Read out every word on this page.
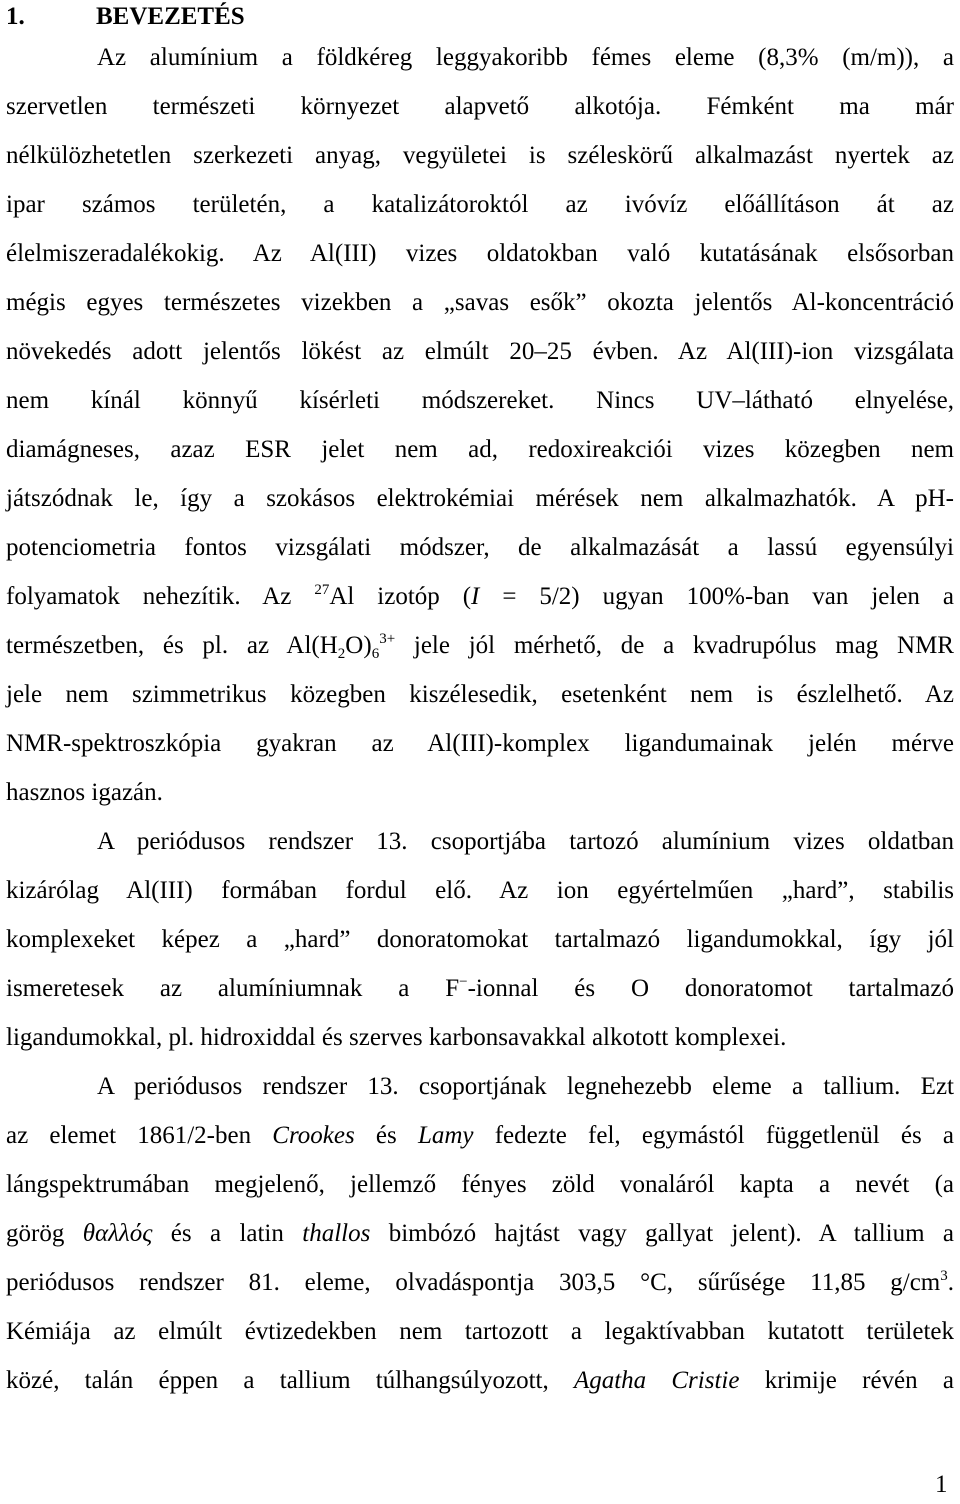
1.	BEVEZETÉS
Az alumínium a földkéreg leggyakoribb fémes eleme (8,3% (m/m)), a
szervetlen természeti környezet alapvető alkotója. Fémként ma már
nélkülözhetetlen szerkezeti anyag, vegyületei is széleskörű alkalmazást nyertek az
ipar számos területén, a katalizátoroktól az ivóvíz előállításon át az
élelmiszeradalékokig. Az Al(III) vizes oldatokban való kutatásának elsősorban
mégis egyes természetes vizekben a „savas esők” okozta jelentős Al-koncentráció
növekedés adott jelentős lökést az elmúlt 20–25 évben. Az Al(III)-ion vizsgálata
nem kínál könnyű kísérleti módszereket. Nincs UV–látható elnyelése,
diamágneses, azaz ESR jelet nem ad, redoxireakciói vizes közegben nem
játszódnak le, így a szokásos elektrokémiai mérések nem alkalmazhatók. A pH-
potenciometria fontos vizsgálati módszer, de alkalmazását a lassú egyensúlyi
folyamatok nehezítik. Az $^{27}$Al izotóp (I = 5/2) ugyan 100%-ban van jelen a
természetben, és pl. az $Al(H_2O)_6^{3+}$ jele jól mérhető, de a kvadrupólus mag NMR
jele nem szimmetrikus közegben kiszélesedik, esetenként nem is észlelhető. Az
NMR-spektroszkópia gyakran az Al(III)-komplex ligandumainak jelén mérve
hasznos igazán.
A periódusos rendszer 13. csoportjába tartozó alumínium vizes oldatban
kizárólag Al(III) formában fordul elő. Az ion egyértelműen „hard”, stabilis
komplexeket képez a „hard” donoratomokat tartalmazó ligandumokkal, így jól
ismeretesek az alumíniumnak a F−-ionnal és O donoratomot tartalmazó
ligandumokkal, pl. hidroxiddal és szerves karbonsavakkal alkotott komplexei.
A periódusos rendszer 13. csoportjának legnehezebb eleme a tallium. Ezt
az elemet 1861/2-ben Crookes és Lamy fedezte fel, egymástól függetlenül és a
lángspektrumában megjelenő, jellemző fényes zöld vonaláról kapta a nevét (a
görög θαλλός és a latin thallos bimbózó hajtást vagy gallyat jelent). A tallium a
periódusos rendszer 81. eleme, olvadáspontja 303,5 °C, sűrűsége 11,85 $g/cm^3$.
Kémiája az elmúlt évtizedekben nem tartozott a legaktívabban kutatott területek
közé, talán éppen a tallium túlhangsúlyozott, Agatha Cristie krimije révén a
1
